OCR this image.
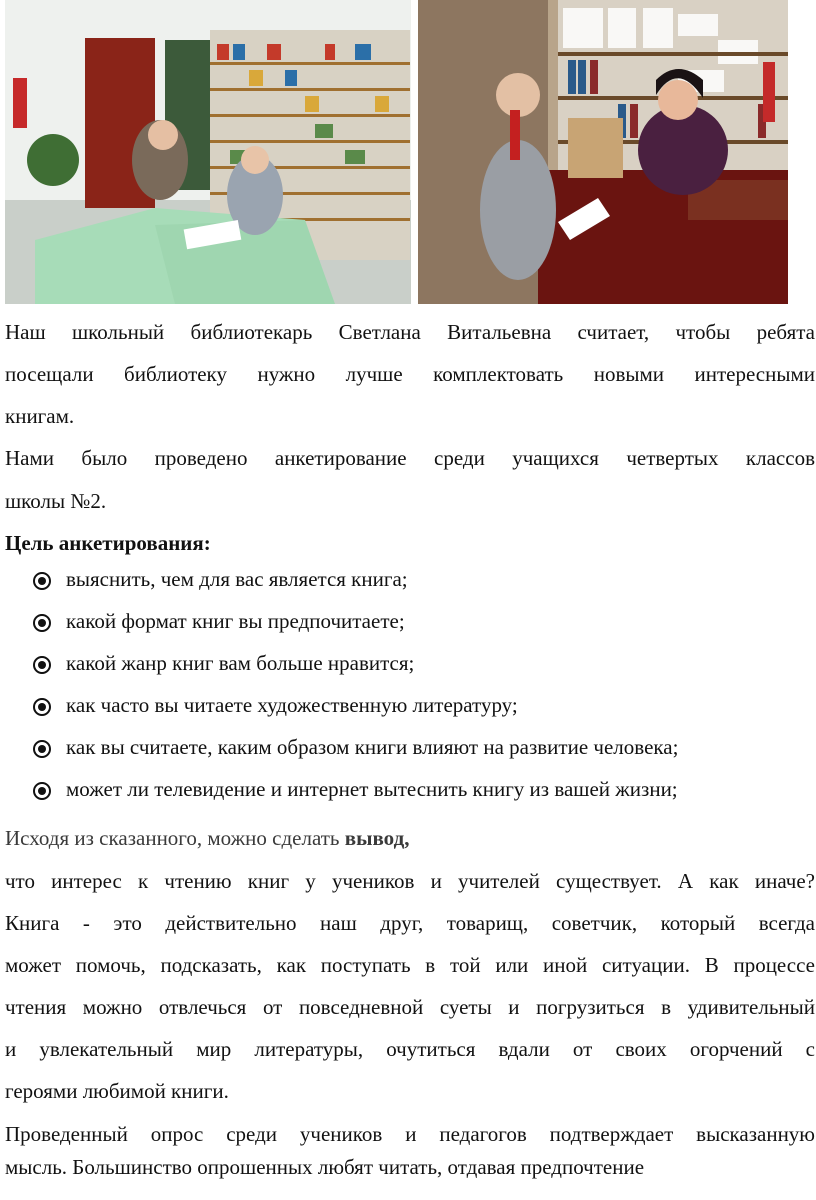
Наш школьный библиотекарь Светлана Витальевна считает, чтобы ребята
посещали библиотеку нужно лучше комплектовать новыми интересными
книгам.
Нами было проведено анкетирование среди учащихся четвертых классов
школы №2.
Цель анкетирования:
выяснить, чем для вас является книга;
какой формат книг вы предпочитаете;
какой жанр книг вам больше нравится;
как часто вы читаете художественную литературу;
как вы считаете, каким образом книги влияют на развитие человека;
может ли телевидение и интернет вытеснить книгу из вашей жизни;
Исходя из сказанного, можно сделать вывод,
что интерес к чтению книг у учеников и учителей существует. А как иначе?
Книга - это действительно наш друг, товарищ, советчик, который всегда
может помочь, подсказать, как поступать в той или иной ситуации. В процессе
чтения можно отвлечься от повседневной суеты и погрузиться в удивительный
и увлекательный мир литературы, очутиться вдали от своих огорчений с
героями любимой книги.
Проведенный опрос среди учеников и педагогов подтверждает высказанную
мысль. Большинство опрошенных любят читать, отдавая предпочтение
